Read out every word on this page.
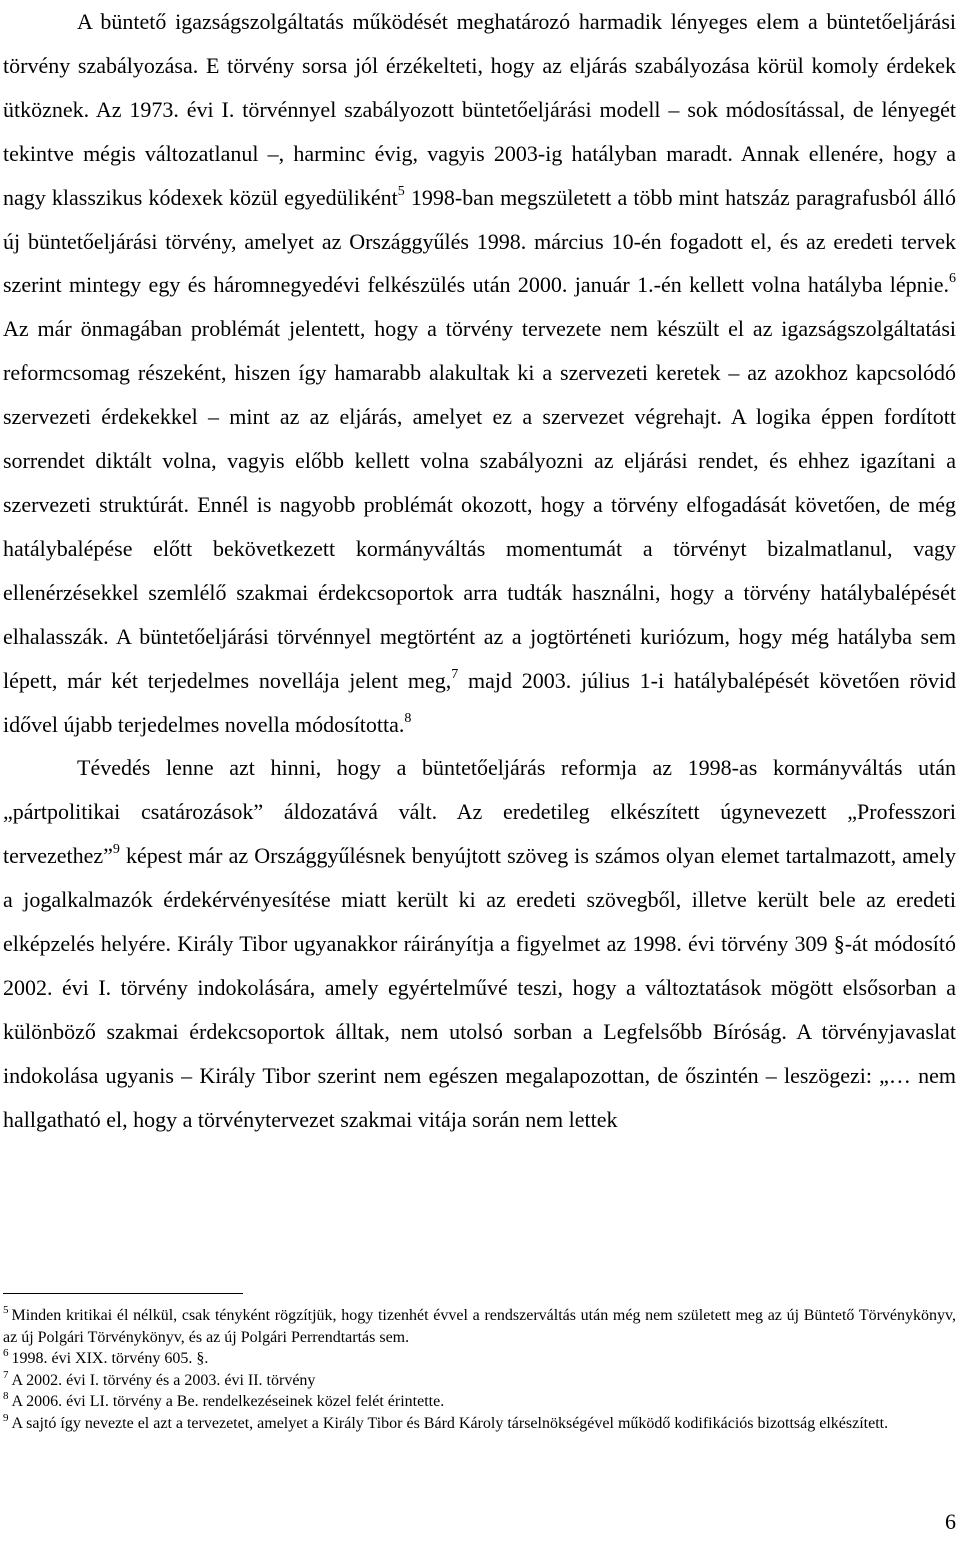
A büntető igazságszolgáltatás működését meghatározó harmadik lényeges elem a büntetőeljárási törvény szabályozása. E törvény sorsa jól érzékelteti, hogy az eljárás szabályozása körül komoly érdekek ütköznek. Az 1973. évi I. törvénnyel szabályozott büntetőeljárási modell – sok módosítással, de lényegét tekintve mégis változatlanul –, harminc évig, vagyis 2003-ig hatályban maradt. Annak ellenére, hogy a nagy klasszikus kódexek közül egyedüliként$^5$ 1998-ban megszületett a több mint hatszáz paragrafusból álló új büntetőeljárási törvény, amelyet az Országgyűlés 1998. március 10-én fogadott el, és az eredeti tervek szerint mintegy egy és háromnegyedévi felkészülés után 2000. január 1.-én kellett volna hatályba lépnie.$^6$ Az már önmagában problémát jelentett, hogy a törvény tervezete nem készült el az igazságszolgáltatási reformcsomag részeként, hiszen így hamarabb alakultak ki a szervezeti keretek – az azokhoz kapcsolódó szervezeti érdekekkel – mint az az eljárás, amelyet ez a szervezet végrehajt. A logika éppen fordított sorrendet diktált volna, vagyis előbb kellett volna szabályozni az eljárási rendet, és ehhez igazítani a szervezeti struktúrát. Ennél is nagyobb problémát okozott, hogy a törvény elfogadását követően, de még hatálybalépése előtt bekövetkezett kormányváltás momentumát a törvényt bizalmatlanul, vagy ellenérzésekkel szemlélő szakmai érdekcsoportok arra tudták használni, hogy a törvény hatálybalépését elhalasszák. A büntetőeljárási törvénnyel megtörtént az a jogtörténeti kuriózum, hogy még hatályba sem lépett, már két terjedelmes novellája jelent meg,$^7$ majd 2003. július 1-i hatálybalépését követően rövid idővel újabb terjedelmes novella módosította.$^8$

Tévedés lenne azt hinni, hogy a büntetőeljárás reformja az 1998-as kormányváltás után „pártpolitikai csatározások” áldozatává vált. Az eredetileg elkészített úgynevezett „Professzori tervezethez”$^9$ képest már az Országgyűlésnek benyújtott szöveg is számos olyan elemet tartalmazott, amely a jogalkalmazók érdekérvényesítése miatt került ki az eredeti szövegből, illetve került bele az eredeti elképzelés helyére. Király Tibor ugyanakkor ráirányítja a figyelmet az 1998. évi törvény 309 §-át módosító 2002. évi I. törvény indokolására, amely egyértelművé teszi, hogy a változtatások mögött elsősorban a különböző szakmai érdekcsoportok álltak, nem utolsó sorban a Legfelsőbb Bíróság. A törvényjavaslat indokolása ugyanis – Király Tibor szerint nem egészen megalapozottan, de őszintén – leszögezi: „… nem hallgatható el, hogy a törvénytervezet szakmai vitája során nem lettek

$^5$ Minden kritikai él nélkül, csak tényként rögzítjük, hogy tizenhét évvel a rendszerváltás után még nem született meg az új Büntető Törvénykönyv, az új Polgári Törvénykönyv, és az új Polgári Perrendtartás sem.

$^6$ 1998. évi XIX. törvény 605. §.

$^7$ A 2002. évi I. törvény és a 2003. évi II. törvény

$^8$ A 2006. évi LI. törvény a Be. rendelkezéseinek közel felét érintette.

$^9$ A sajtó így nevezte el azt a tervezetet, amelyet a Király Tibor és Bárd Károly társelnökségével működő kodifikációs bizottság elkészített.

6
